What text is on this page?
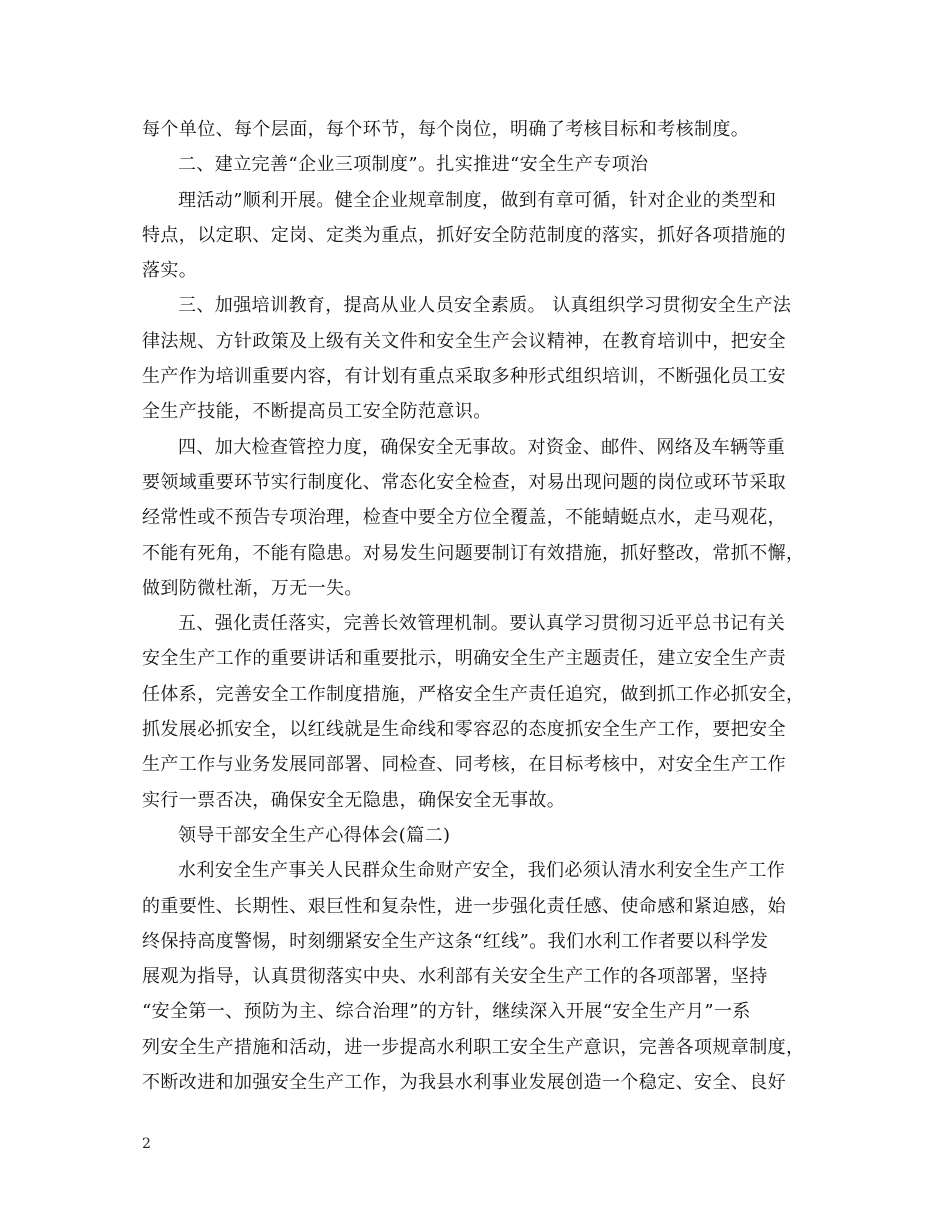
每个单位、每个层面，每个环节，每个岗位，明确了考核目标和考核制度。
二、建立完善“企业三项制度”。扎实推进“安全生产专项治
理活动”顺利开展。健全企业规章制度，做到有章可循，针对企业的类型和
特点，以定职、定岗、定类为重点，抓好安全防范制度的落实，抓好各项措施的
落实。
三、加强培训教育，提高从业人员安全素质。 认真组织学习贯彻安全生产法
律法规、方针政策及上级有关文件和安全生产会议精神，在教育培训中，把安全
生产作为培训重要内容，有计划有重点采取多种形式组织培训，不断强化员工安
全生产技能，不断提高员工安全防范意识。
四、加大检查管控力度，确保安全无事故。对资金、邮件、网络及车辆等重
要领域重要环节实行制度化、常态化安全检查，对易出现问题的岗位或环节采取
经常性或不预告专项治理，检查中要全方位全覆盖，不能蜻蜓点水，走马观花，
不能有死角，不能有隐患。对易发生问题要制订有效措施，抓好整改，常抓不懈，
做到防微杜渐，万无一失。
五、强化责任落实，完善长效管理机制。要认真学习贯彻习近平总书记有关
安全生产工作的重要讲话和重要批示，明确安全生产主题责任，建立安全生产责
任体系，完善安全工作制度措施，严格安全生产责任追究，做到抓工作必抓安全，
抓发展必抓安全，以红线就是生命线和零容忍的态度抓安全生产工作，要把安全
生产工作与业务发展同部署、同检查、同考核，在目标考核中，对安全生产工作
实行一票否决，确保安全无隐患，确保安全无事故。
领导干部安全生产心得体会(篇二)
水利安全生产事关人民群众生命财产安全，我们必须认清水利安全生产工作
的重要性、长期性、艰巨性和复杂性，进一步强化责任感、使命感和紧迫感，始
终保持高度警惕，时刻绷紧安全生产这条“红线”。我们水利工作者要以科学发
展观为指导，认真贯彻落实中央、水利部有关安全生产工作的各项部署，坚持
“安全第一、预防为主、综合治理”的方针，继续深入开展“安全生产月”一系
列安全生产措施和活动，进一步提高水利职工安全生产意识，完善各项规章制度，
不断改进和加强安全生产工作，为我县水利事业发展创造一个稳定、安全、良好
2
